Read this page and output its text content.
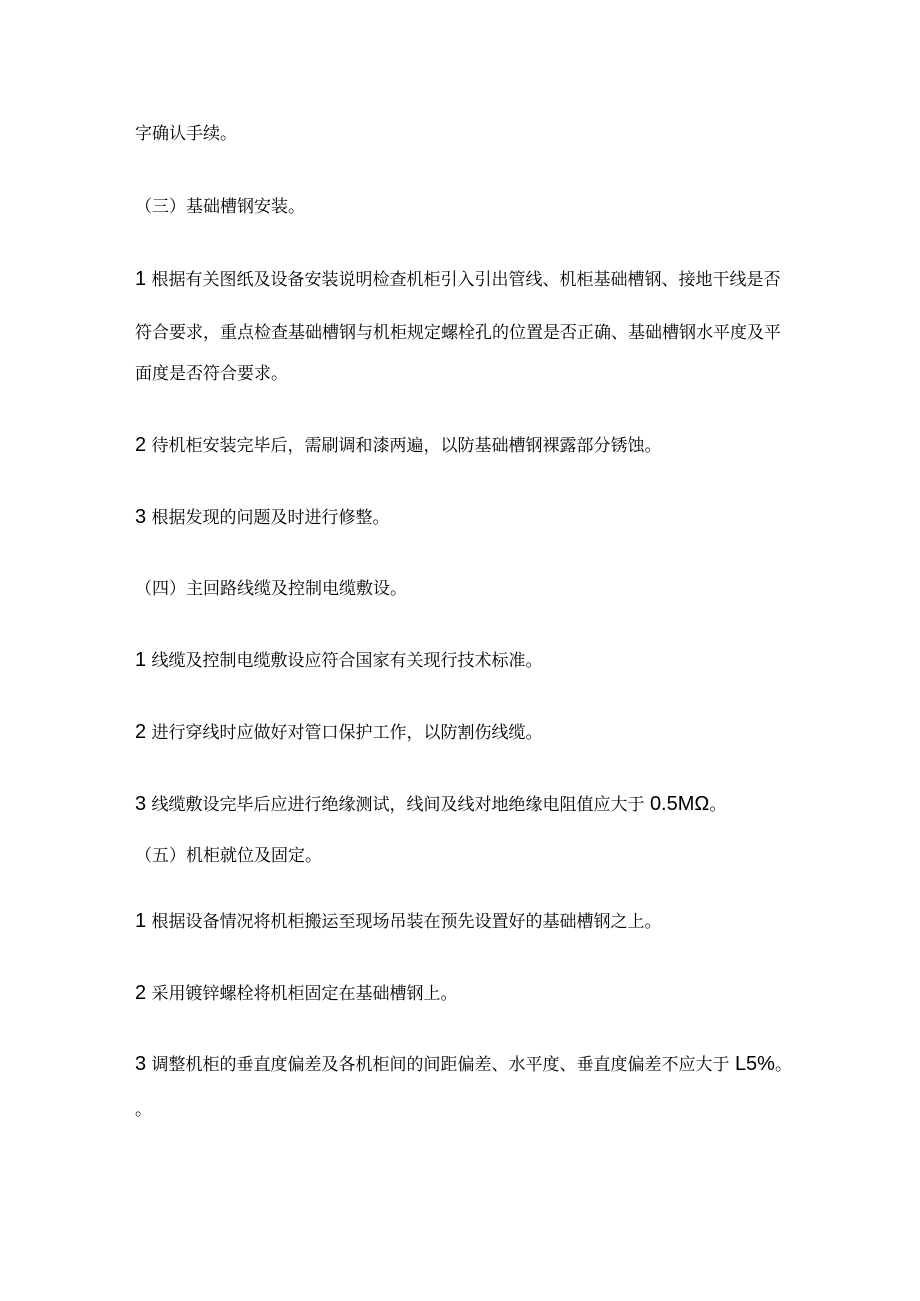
字确认手续。
（三）基础槽钢安装。
1 根据有关图纸及设备安装说明检查机柜引入引出管线、机柜基础槽钢、接地干线是否
符合要求，重点检查基础槽钢与机柜规定螺栓孔的位置是否正确、基础槽钢水平度及平
面度是否符合要求。
2 待机柜安装完毕后，需刷调和漆两遍，以防基础槽钢裸露部分锈蚀。
3 根据发现的问题及时进行修整。
（四）主回路线缆及控制电缆敷设。
1 线缆及控制电缆敷设应符合国家有关现行技术标准。
2 进行穿线时应做好对管口保护工作，以防割伤线缆。
3 线缆敷设完毕后应进行绝缘测试，线间及线对地绝缘电阻值应大于 0.5MΩ。
（五）机柜就位及固定。
1 根据设备情况将机柜搬运至现场吊装在预先设置好的基础槽钢之上。
2 采用镀锌螺栓将机柜固定在基础槽钢上。
3 调整机柜的垂直度偏差及各机柜间的间距偏差、水平度、垂直度偏差不应大于 L5%。
。
